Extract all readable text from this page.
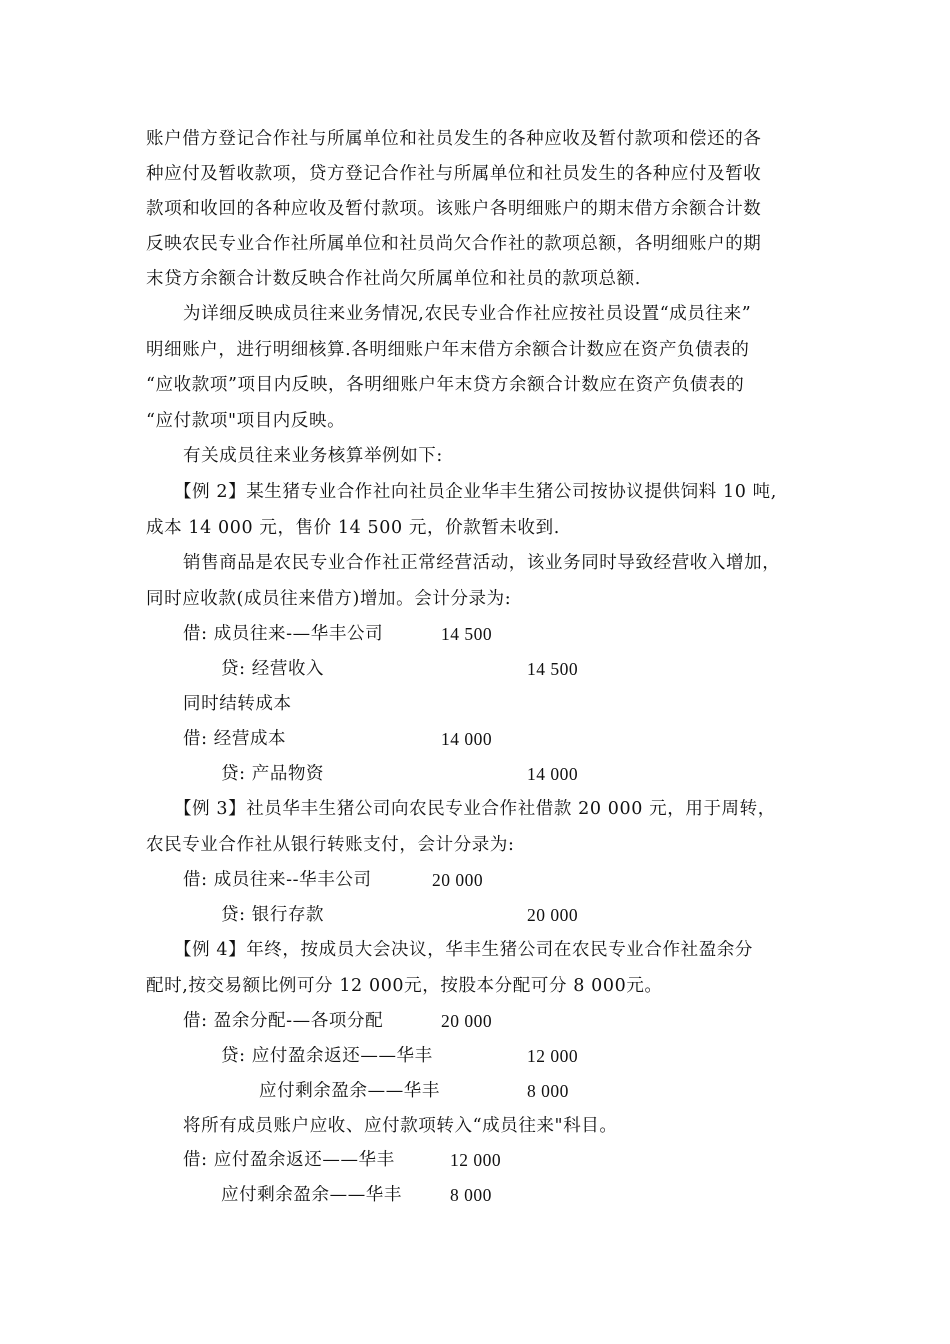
账户借方登记合作社与所属单位和社员发生的各种应收及暂付款项和偿还的各
种应付及暂收款项，贷方登记合作社与所属单位和社员发生的各种应付及暂收
款项和收回的各种应收及暂付款项。该账户各明细账户的期末借方余额合计数
反映农民专业合作社所属单位和社员尚欠合作社的款项总额，各明细账户的期
末贷方余额合计数反映合作社尚欠所属单位和社员的款项总额.
为详细反映成员往来业务情况,农民专业合作社应按社员设置“成员往来”
明细账户，进行明细核算.各明细账户年末借方余额合计数应在资产负债表的
“应收款项”项目内反映，各明细账户年末贷方余额合计数应在资产负债表的
“应付款项"项目内反映。
有关成员往来业务核算举例如下:
【例 2】某生猪专业合作社向社员企业华丰生猪公司按协议提供饲料 10 吨,
成本 14 000 元，售价 14 500 元，价款暂未收到.
销售商品是农民专业合作社正常经营活动，该业务同时导致经营收入增加，
同时应收款(成员往来借方)增加。会计分录为:
借: 成员往来-—华丰公司	14 500
贷: 经营收入	14 500
同时结转成本
借: 经营成本	14 000
贷: 产品物资	14 000
【例 3】社员华丰生猪公司向农民专业合作社借款 20 000 元，用于周转，
农民专业合作社从银行转账支付，会计分录为:
借: 成员往来--华丰公司	20 000
贷: 银行存款	20 000
【例 4】年终，按成员大会决议，华丰生猪公司在农民专业合作社盈余分
配时,按交易额比例可分 12 000元，按股本分配可分 8 000元。
借: 盈余分配-—各项分配	20 000
贷: 应付盈余返还——华丰	12 000
应付剩余盈余——华丰	8 000
将所有成员账户应收、应付款项转入“成员往来"科目。
借: 应付盈余返还——华丰	12 000
应付剩余盈余——华丰	8 000
